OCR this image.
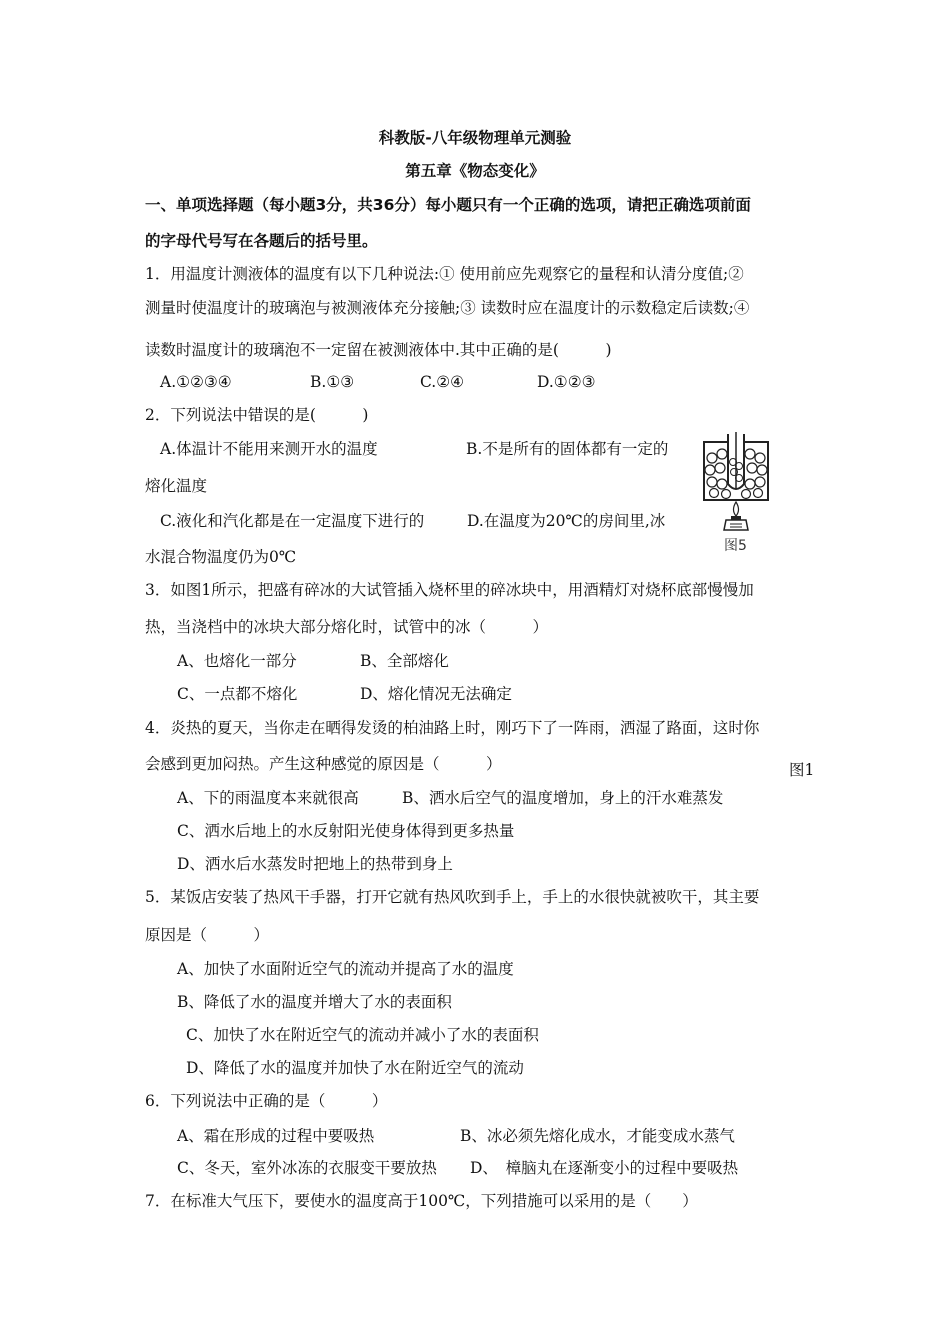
科教版-八年级物理单元测验
第五章《物态变化》
一、单项选择题（每小题3分，共36分）每小题只有一个正确的选项，请把正确选项前面
的字母代号写在各题后的括号里。
1．用温度计测液体的温度有以下几种说法:① 使用前应先观察它的量程和认清分度值;②
测量时使温度计的玻璃泡与被测液体充分接触;③ 读数时应在温度计的示数稳定后读数;④
读数时温度计的玻璃泡不一定留在被测液体中.其中正确的是(　　　)
A.①②③④	B.①③	C.②④	D.①②③
2．下列说法中错误的是(　　　)
A.体温计不能用来测开水的温度	B.不是所有的固体都有一定的
熔化温度
C.液化和汽化都是在一定温度下进行的	D.在温度为20℃的房间里,冰
水混合物温度仍为0℃
图5
3．如图1所示，把盛有碎冰的大试管插入烧杯里的碎冰块中，用酒精灯对烧杯底部慢慢加
热，当浇档中的冰块大部分熔化时，试管中的冰（　　　）
A、也熔化一部分	B、全部熔化
C、一点都不熔化	D、熔化情况无法确定
4．炎热的夏天，当你走在晒得发烫的柏油路上时，刚巧下了一阵雨，洒湿了路面，这时你
会感到更加闷热。产生这种感觉的原因是（　　　）	图1
A、下的雨温度本来就很高	B、洒水后空气的温度增加，身上的汗水难蒸发
C、洒水后地上的水反射阳光使身体得到更多热量
D、洒水后水蒸发时把地上的热带到身上
5．某饭店安装了热风干手器，打开它就有热风吹到手上，手上的水很快就被吹干，其主要
原因是（　　　）
A、加快了水面附近空气的流动并提高了水的温度
B、降低了水的温度并增大了水的表面积
C、加快了水在附近空气的流动并减小了水的表面积
D、降低了水的温度并加快了水在附近空气的流动
6．下列说法中正确的是（　　　）
A、霜在形成的过程中要吸热	B、冰必须先熔化成水，才能变成水蒸气
C、冬天，室外冰冻的衣服变干要放热 D、　樟脑丸在逐渐变小的过程中要吸热
7．在标准大气压下，要使水的温度高于100℃，下列措施可以采用的是（　　）
